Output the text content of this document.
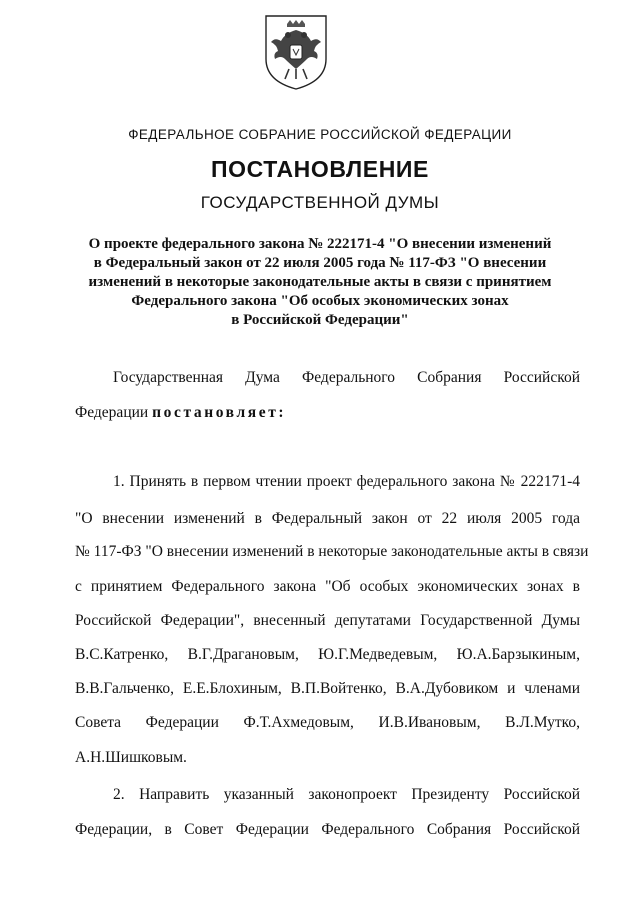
ФЕДЕРАЛЬНОЕ СОБРАНИЕ РОССИЙСКОЙ ФЕДЕРАЦИИ
ПОСТАНОВЛЕНИЕ
ГОСУДАРСТВЕННОЙ ДУМЫ
О проекте федерального закона № 222171-4 "О внесении изменений
в Федеральный закон от 22 июля 2005 года № 117-ФЗ "О внесении
изменений в некоторые законодательные акты в связи с принятием
Федерального закона "Об особых экономических зонах
в Российской Федерации"
Государственная Дума Федерального Собрания Российской
Федерации постановляет:
1. Принять в первом чтении проект федерального закона № 222171-4
"О внесении изменений в Федеральный закон от 22 июля 2005 года
№ 117-ФЗ "О внесении изменений в некоторые законодательные акты в связи
с принятием Федерального закона "Об особых экономических зонах в
Российской Федерации", внесенный депутатами Государственной Думы
В.С.Катренко, В.Г.Драгановым, Ю.Г.Медведевым, Ю.А.Барзыкиным,
В.В.Гальченко, Е.Е.Блохиным, В.П.Войтенко, В.А.Дубовиком и членами
Совета Федерации Ф.Т.Ахмедовым, И.В.Ивановым, В.Л.Мутко,
А.Н.Шишковым.
2. Направить указанный законопроект Президенту Российской
Федерации, в Совет Федерации Федерального Собрания Российской
